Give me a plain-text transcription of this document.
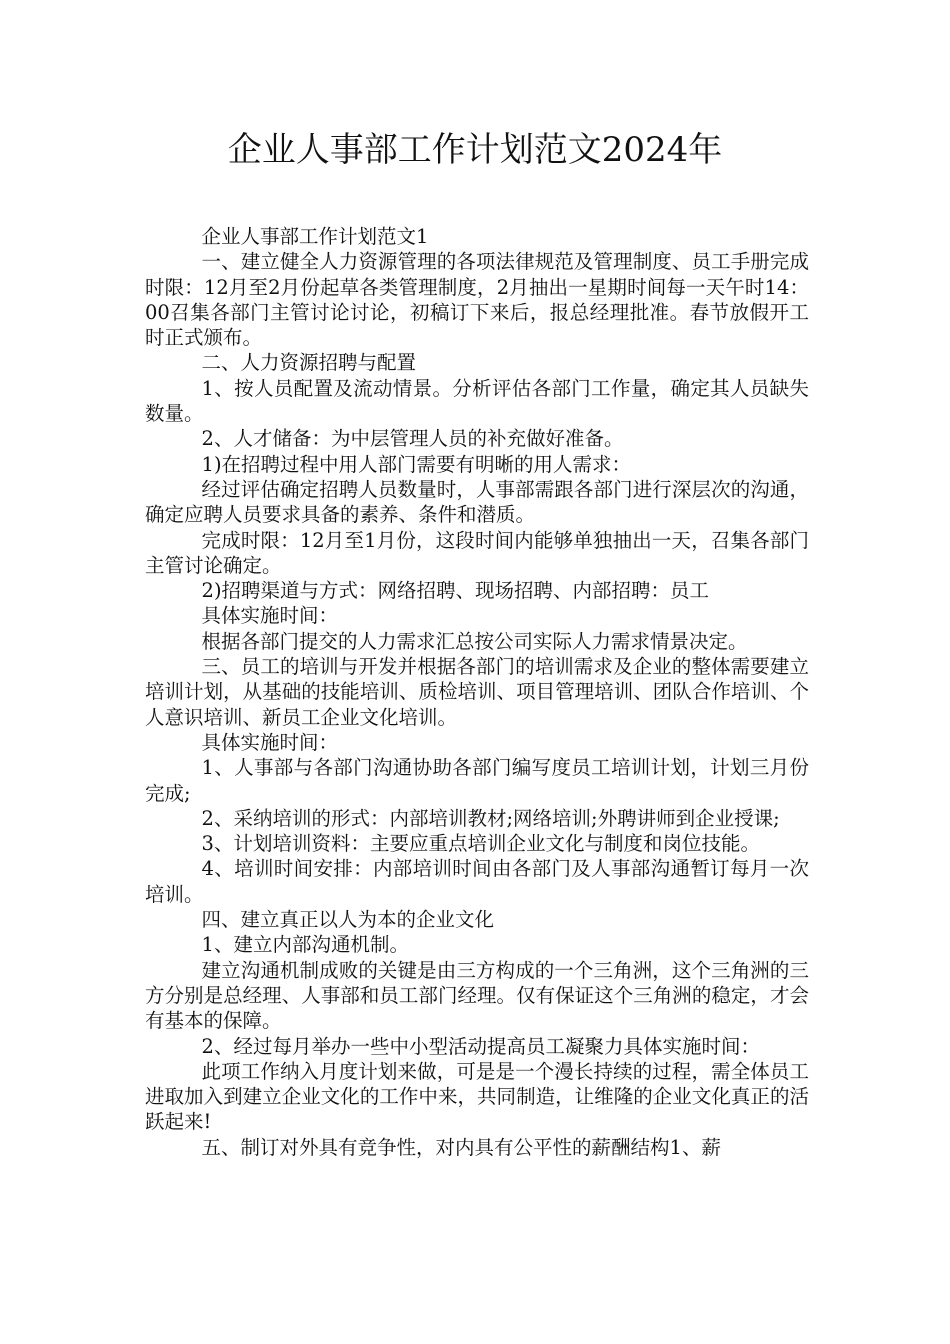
企业人事部工作计划范文2024年

企业人事部工作计划范文1

一、建立健全人力资源管理的各项法律规范及管理制度、员工手册完成时限：12月至2月份起草各类管理制度，2月抽出一星期时间每一天午时14：00召集各部门主管讨论讨论，初稿订下来后，报总经理批准。春节放假开工时正式颁布。

二、人力资源招聘与配置

1、按人员配置及流动情景。分析评估各部门工作量，确定其人员缺失数量。

2、人才储备：为中层管理人员的补充做好准备。

1)在招聘过程中用人部门需要有明晰的用人需求：

经过评估确定招聘人员数量时，人事部需跟各部门进行深层次的沟通，确定应聘人员要求具备的素养、条件和潜质。

完成时限：12月至1月份，这段时间内能够单独抽出一天，召集各部门主管讨论确定。

2)招聘渠道与方式：网络招聘、现场招聘、内部招聘：员工

具体实施时间：

根据各部门提交的人力需求汇总按公司实际人力需求情景决定。

三、员工的培训与开发并根据各部门的培训需求及企业的整体需要建立培训计划，从基础的技能培训、质检培训、项目管理培训、团队合作培训、个人意识培训、新员工企业文化培训。

具体实施时间：

1、人事部与各部门沟通协助各部门编写度员工培训计划，计划三月份完成;

2、采纳培训的形式：内部培训教材;网络培训;外聘讲师到企业授课;

3、计划培训资料：主要应重点培训企业文化与制度和岗位技能。

4、培训时间安排：内部培训时间由各部门及人事部沟通暂订每月一次培训。

四、建立真正以人为本的企业文化

1、建立内部沟通机制。

建立沟通机制成败的关键是由三方构成的一个三角洲，这个三角洲的三方分别是总经理、人事部和员工部门经理。仅有保证这个三角洲的稳定，才会有基本的保障。

2、经过每月举办一些中小型活动提高员工凝聚力具体实施时间：

此项工作纳入月度计划来做，可是是一个漫长持续的过程，需全体员工进取加入到建立企业文化的工作中来，共同制造，让维隆的企业文化真正的活跃起来!

五、制订对外具有竞争性，对内具有公平性的薪酬结构1、薪
